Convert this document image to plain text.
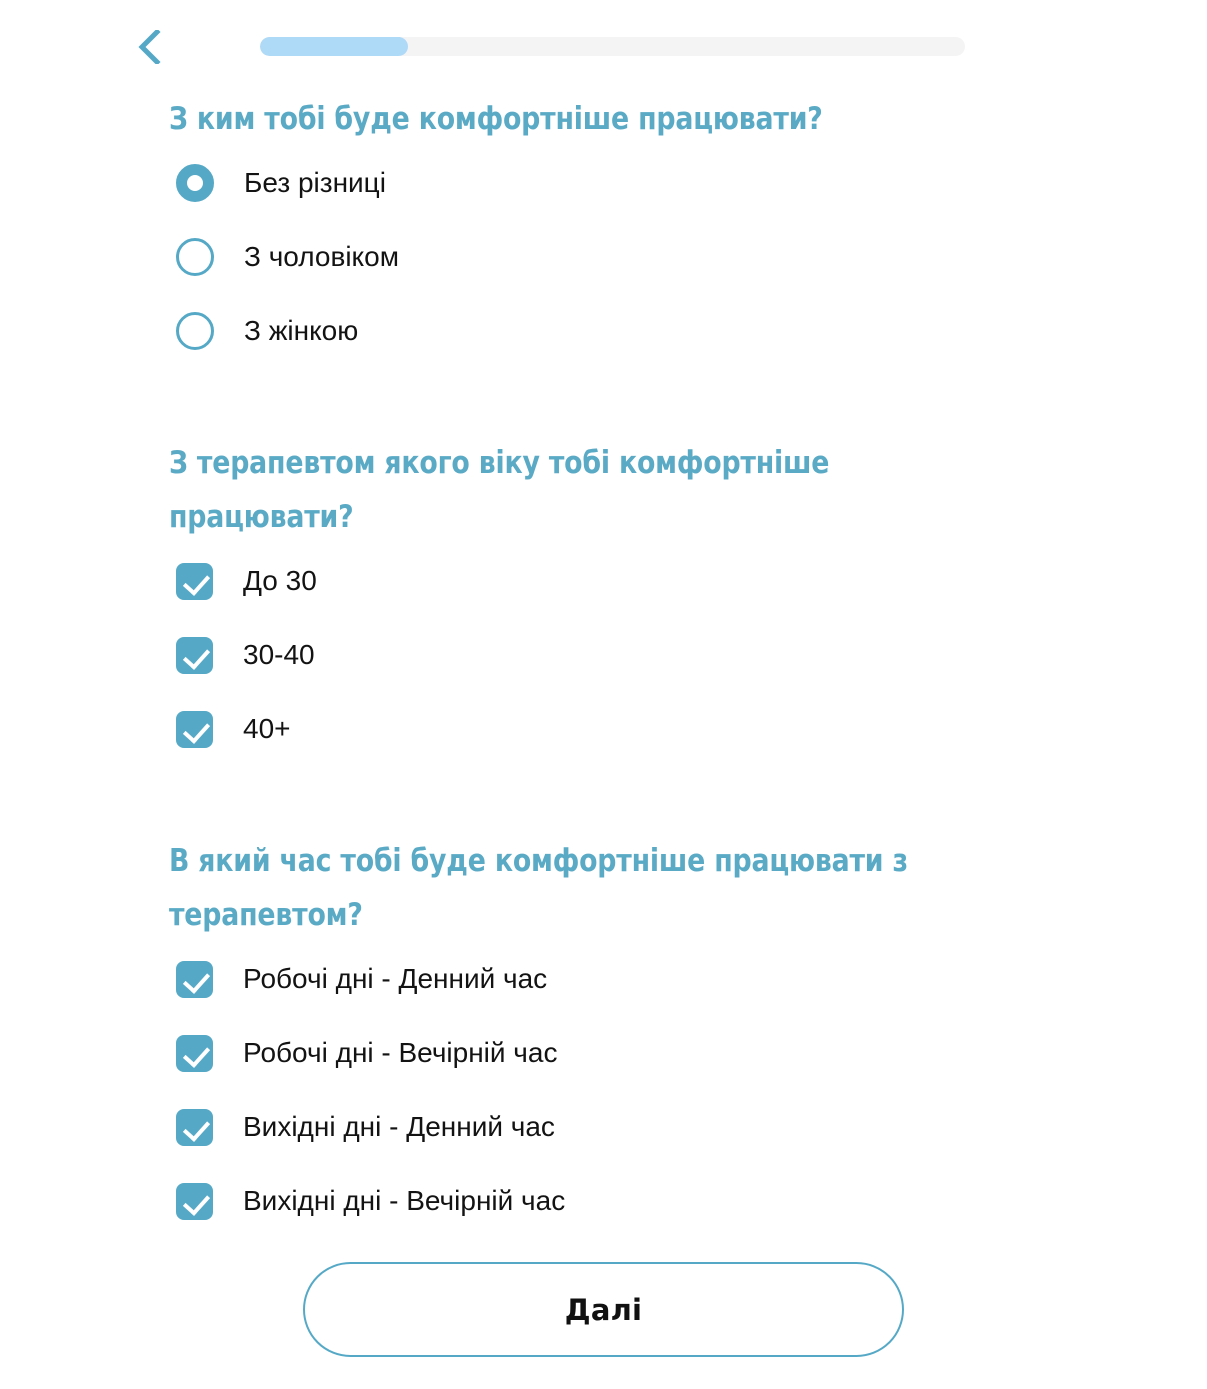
З ким тобі буде комфортніше працювати?
Без різниці
З чоловіком
З жінкою
З терапевтом якого віку тобі комфортніше працювати?
До 30
30-40
40+
В який час тобі буде комфортніше працювати з терапевтом?
Робочі дні - Денний час
Робочі дні - Вечірній час
Вихідні дні - Денний час
Вихідні дні - Вечірній час
Далі
